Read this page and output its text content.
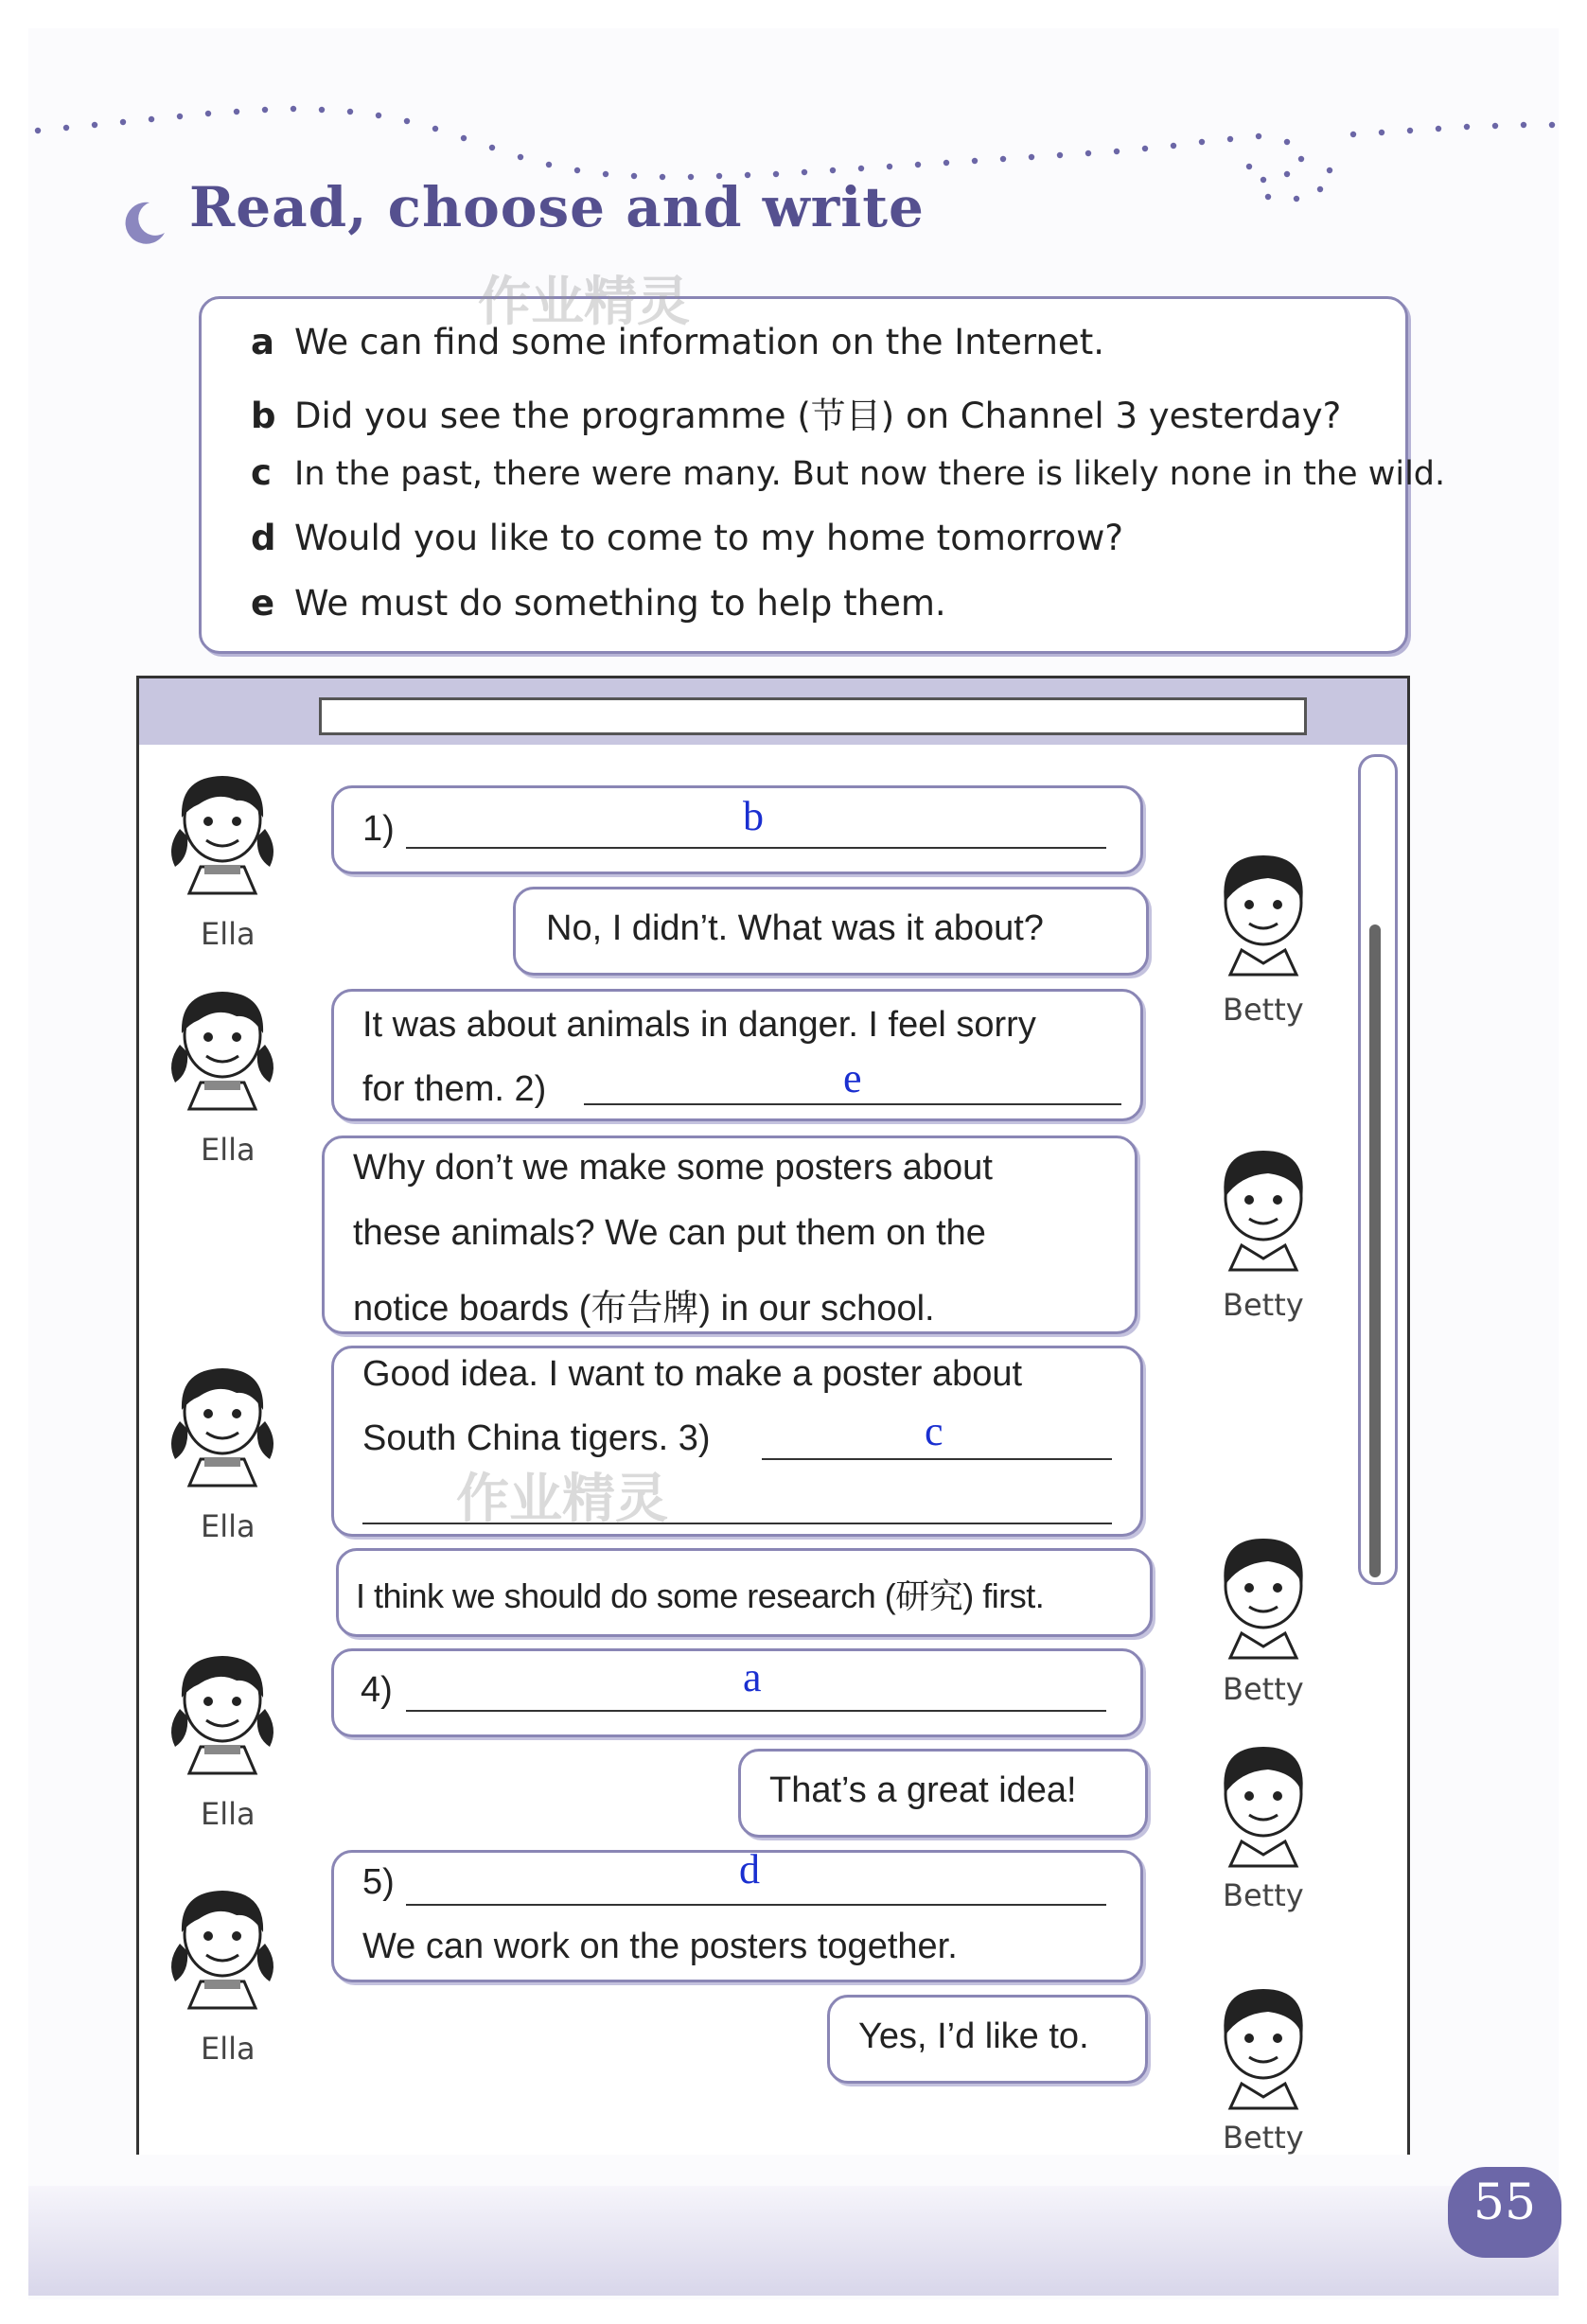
Read, choose and write
a We can find some information on the Internet.
b Did you see the programme (节目) on Channel 3 yesterday?
c In the past, there were many. But now there is likely none in the wild.
d Would you like to come to my home tomorrow?
e We must do something to help them.
作业精灵
Ella
Ella
Ella
Ella
Ella
Betty
Betty
Betty
Betty
Betty
1)	b
No, I didn’t. What was it about?
It was about animals in danger. I feel sorry
for them. 2)	e
Why don’t we make some posters about
these animals? We can put them on the
notice boards (布告牌) in our school.
Good idea. I want to make a poster about
South China tigers. 3)	c
作业精灵
I think we should do some research (研究) first.
4)	a
That’s a great idea!
5)	d
We can work on the posters together.
Yes, I’d like to.
55
